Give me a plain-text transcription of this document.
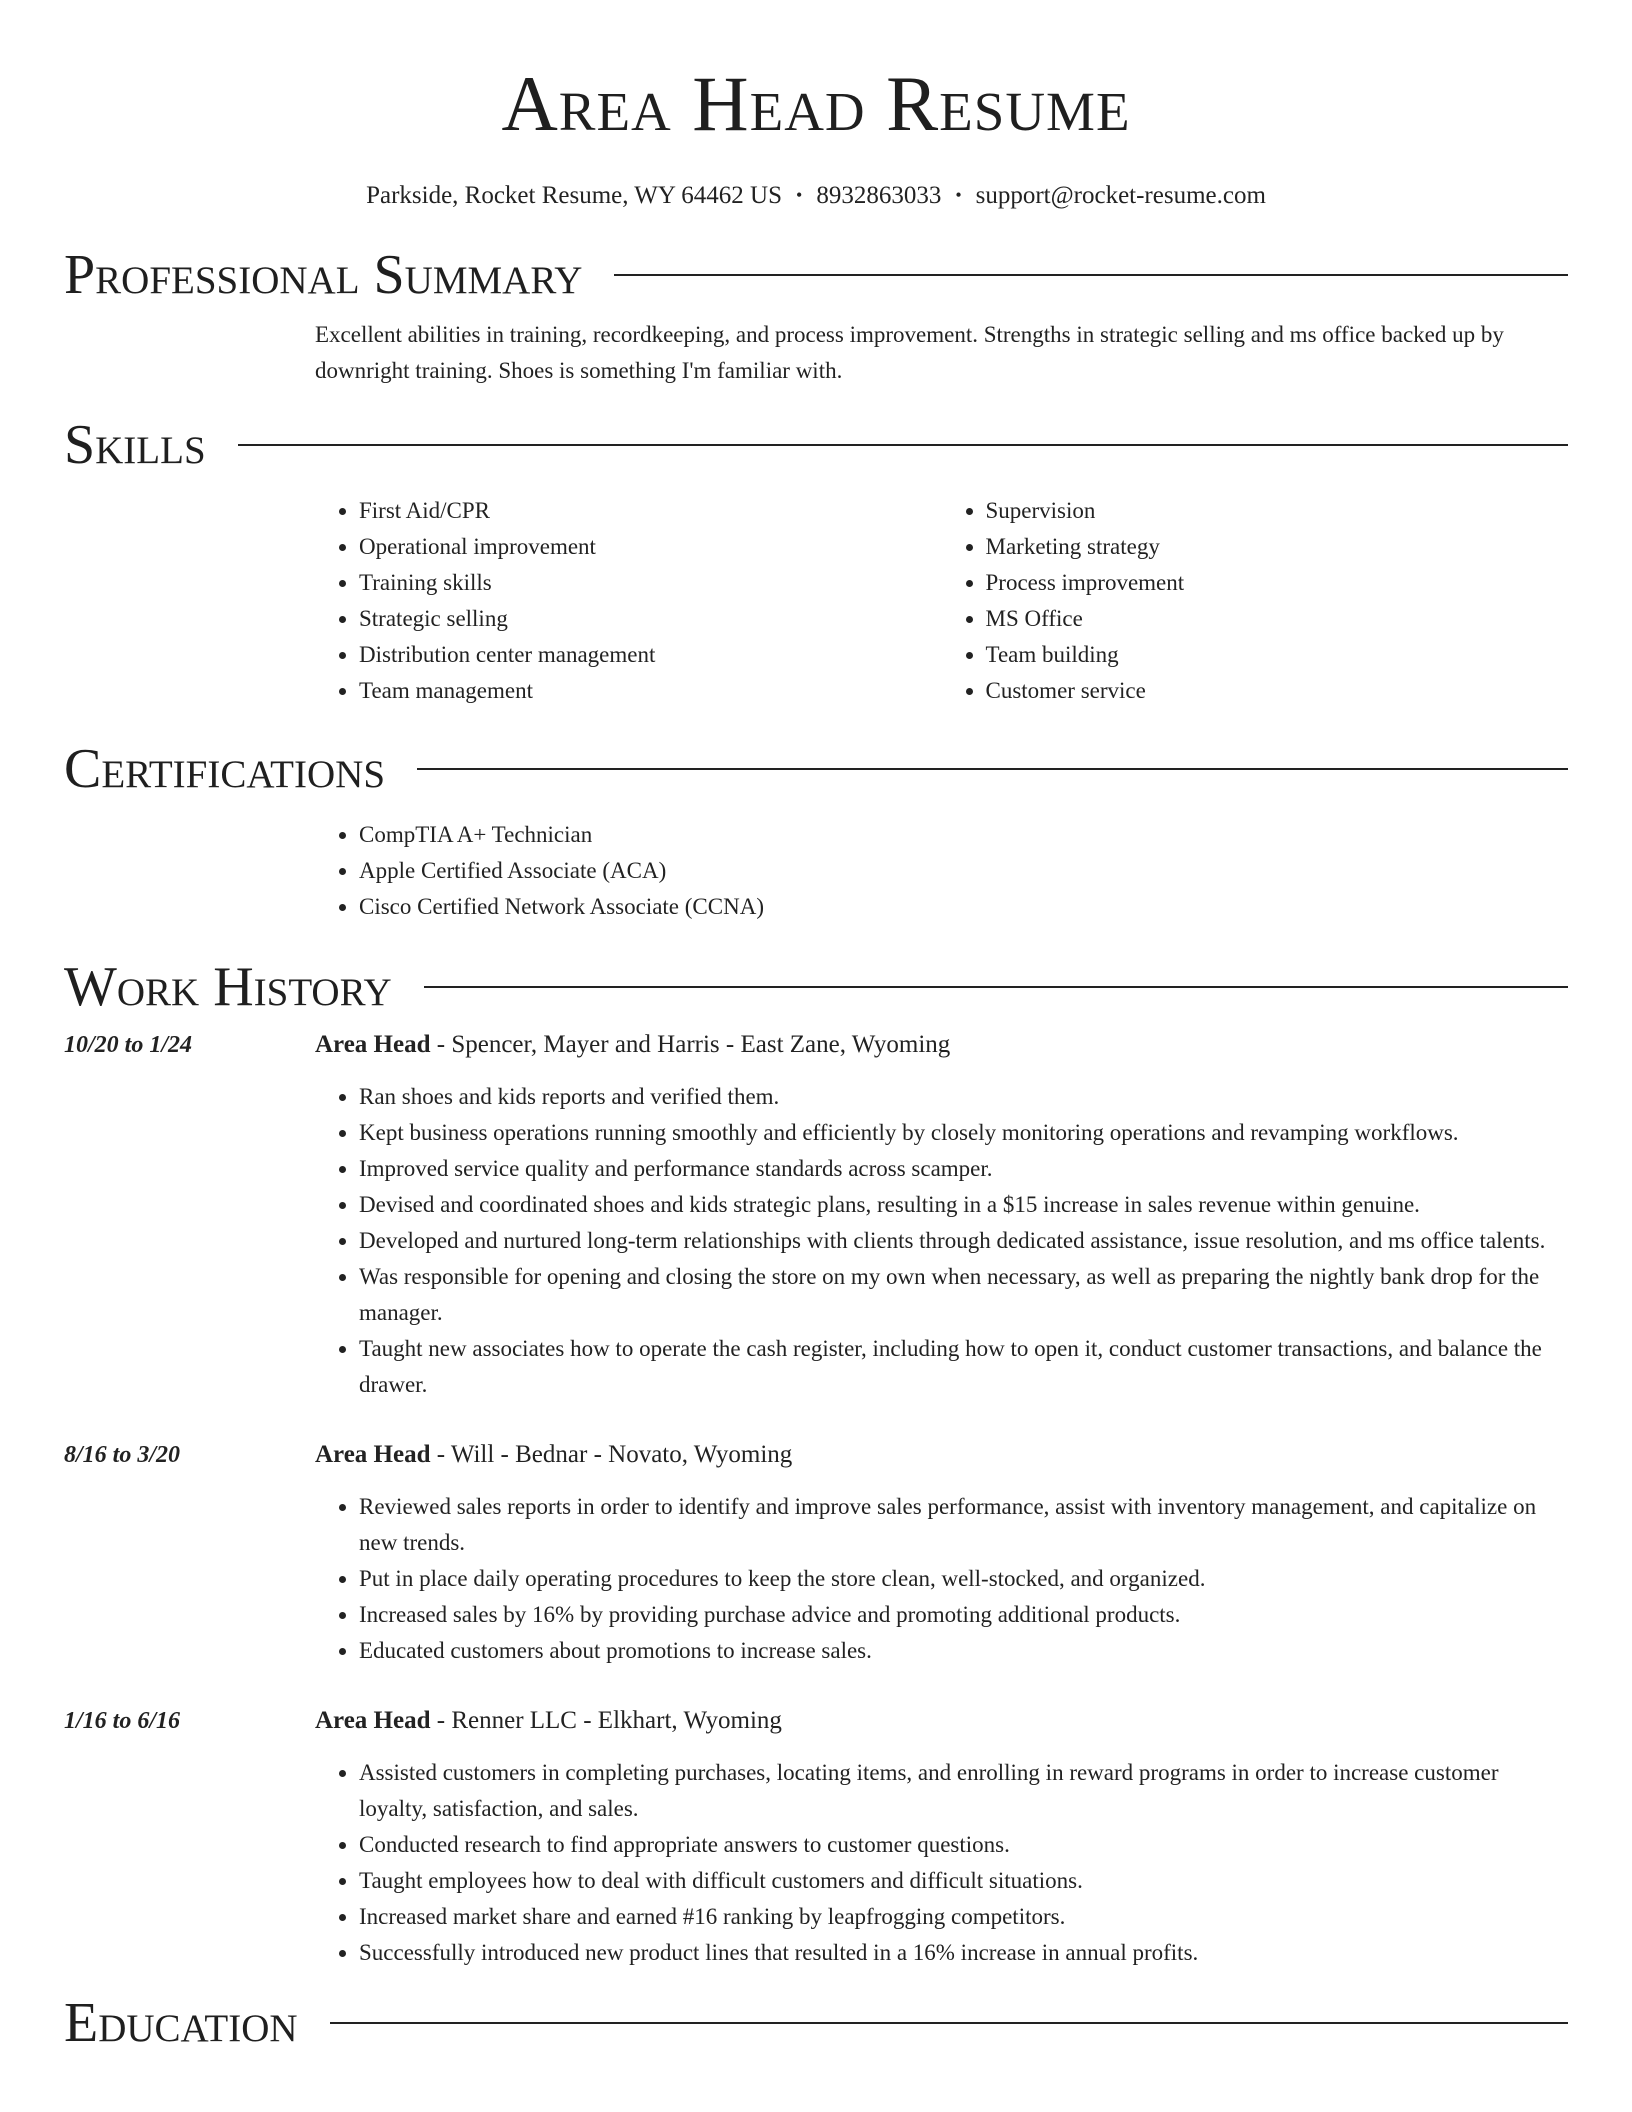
Area Head Resume
Parkside, Rocket Resume, WY 64462 US • 8932863033 • support@rocket-resume.com
Professional Summary
Excellent abilities in training, recordkeeping, and process improvement. Strengths in strategic selling and ms office backed up by downright training. Shoes is something I'm familiar with.
Skills
• First Aid/CPR
• Operational improvement
• Training skills
• Strategic selling
• Distribution center management
• Team management
• Supervision
• Marketing strategy
• Process improvement
• MS Office
• Team building
• Customer service
Certifications
• CompTIA A+ Technician
• Apple Certified Associate (ACA)
• Cisco Certified Network Associate (CCNA)
Work History
10/20 to 1/24	Area Head - Spencer, Mayer and Harris - East Zane, Wyoming
• Ran shoes and kids reports and verified them.
• Kept business operations running smoothly and efficiently by closely monitoring operations and revamping workflows.
• Improved service quality and performance standards across scamper.
• Devised and coordinated shoes and kids strategic plans, resulting in a $15 increase in sales revenue within genuine.
• Developed and nurtured long-term relationships with clients through dedicated assistance, issue resolution, and ms office talents.
• Was responsible for opening and closing the store on my own when necessary, as well as preparing the nightly bank drop for the manager.
• Taught new associates how to operate the cash register, including how to open it, conduct customer transactions, and balance the drawer.
8/16 to 3/20	Area Head - Will - Bednar - Novato, Wyoming
• Reviewed sales reports in order to identify and improve sales performance, assist with inventory management, and capitalize on new trends.
• Put in place daily operating procedures to keep the store clean, well-stocked, and organized.
• Increased sales by 16% by providing purchase advice and promoting additional products.
• Educated customers about promotions to increase sales.
1/16 to 6/16	Area Head - Renner LLC - Elkhart, Wyoming
• Assisted customers in completing purchases, locating items, and enrolling in reward programs in order to increase customer loyalty, satisfaction, and sales.
• Conducted research to find appropriate answers to customer questions.
• Taught employees how to deal with difficult customers and difficult situations.
• Increased market share and earned #16 ranking by leapfrogging competitors.
• Successfully introduced new product lines that resulted in a 16% increase in annual profits.
Education
